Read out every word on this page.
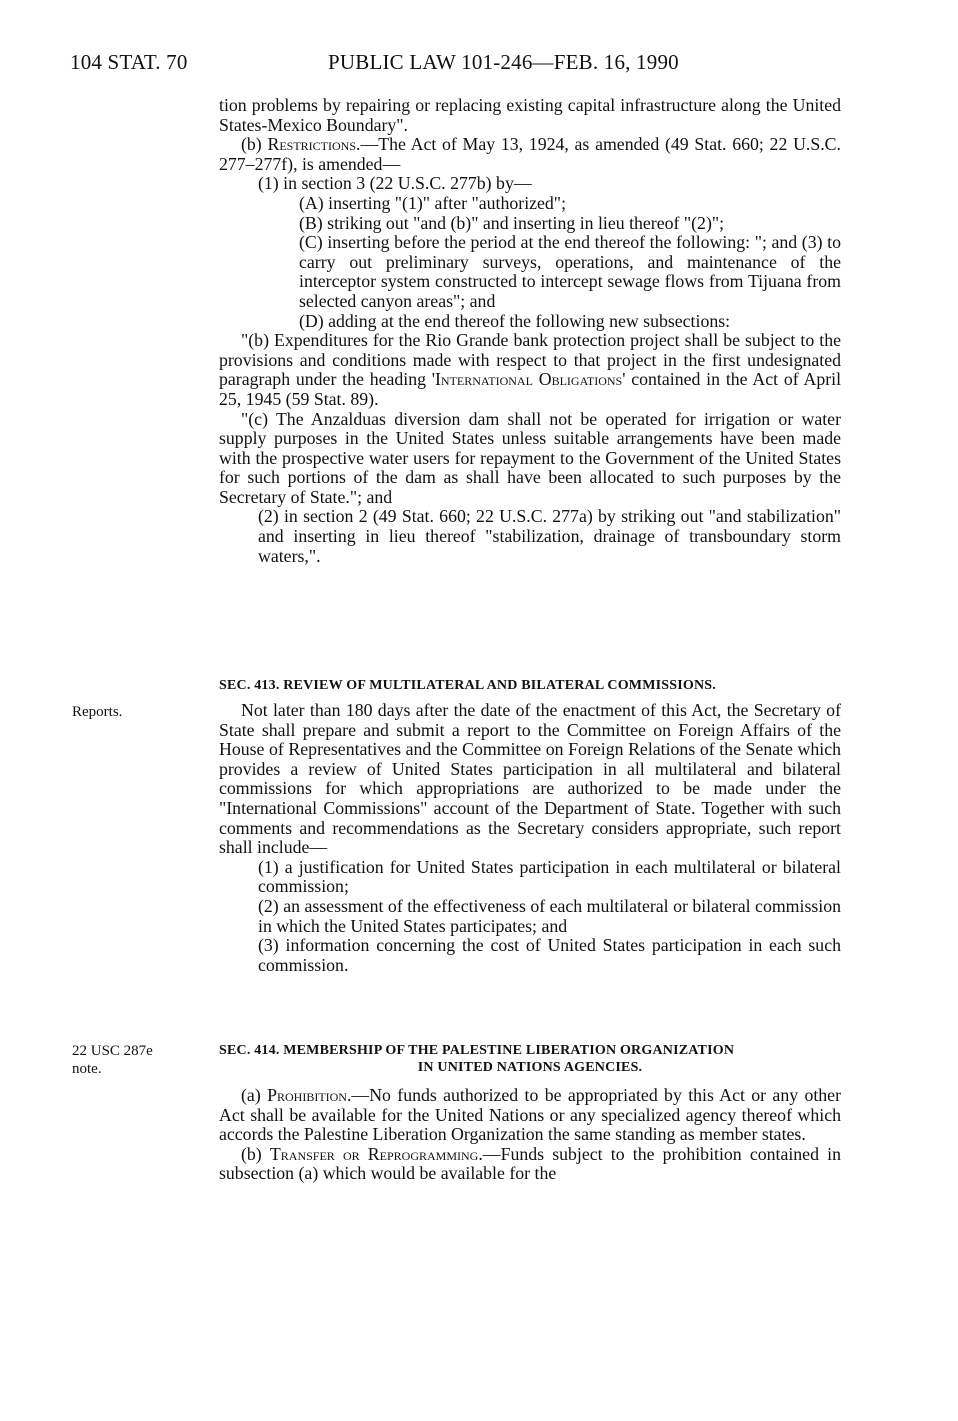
104 STAT. 70	PUBLIC LAW 101-246—FEB. 16, 1990
Reports.
22 USC 287e
note.

tion problems by repairing or replacing existing capital infrastructure along the United States-Mexico Boundary".

(b) Restrictions.—The Act of May 13, 1924, as amended (49 Stat. 660; 22 U.S.C. 277–277f), is amended—

(1) in section 3 (22 U.S.C. 277b) by—

(A) inserting "(1)" after "authorized";

(B) striking out "and (b)" and inserting in lieu thereof "(2)";

(C) inserting before the period at the end thereof the following: "; and (3) to carry out preliminary surveys, operations, and maintenance of the interceptor system constructed to intercept sewage flows from Tijuana from selected canyon areas"; and

(D) adding at the end thereof the following new subsections:

"(b) Expenditures for the Rio Grande bank protection project shall be subject to the provisions and conditions made with respect to that project in the first undesignated paragraph under the heading 'International Obligations' contained in the Act of April 25, 1945 (59 Stat. 89).

"(c) The Anzalduas diversion dam shall not be operated for irrigation or water supply purposes in the United States unless suitable arrangements have been made with the prospective water users for repayment to the Government of the United States for such portions of the dam as shall have been allocated to such purposes by the Secretary of State."; and

(2) in section 2 (49 Stat. 660; 22 U.S.C. 277a) by striking out "and stabilization" and inserting in lieu thereof "stabilization, drainage of transboundary storm waters,".

SEC. 413. REVIEW OF MULTILATERAL AND BILATERAL COMMISSIONS.

Not later than 180 days after the date of the enactment of this Act, the Secretary of State shall prepare and submit a report to the Committee on Foreign Affairs of the House of Representatives and the Committee on Foreign Relations of the Senate which provides a review of United States participation in all multilateral and bilateral commissions for which appropriations are authorized to be made under the "International Commissions" account of the Department of State. Together with such comments and recommendations as the Secretary considers appropriate, such report shall include—

(1) a justification for United States participation in each multilateral or bilateral commission;

(2) an assessment of the effectiveness of each multilateral or bilateral commission in which the United States participates; and

(3) information concerning the cost of United States participation in each such commission.

SEC. 414. MEMBERSHIP OF THE PALESTINE LIBERATION ORGANIZATION
IN UNITED NATIONS AGENCIES.

(a) Prohibition.—No funds authorized to be appropriated by this Act or any other Act shall be available for the United Nations or any specialized agency thereof which accords the Palestine Liberation Organization the same standing as member states.

(b) Transfer or Reprogramming.—Funds subject to the prohibition contained in subsection (a) which would be available for the
